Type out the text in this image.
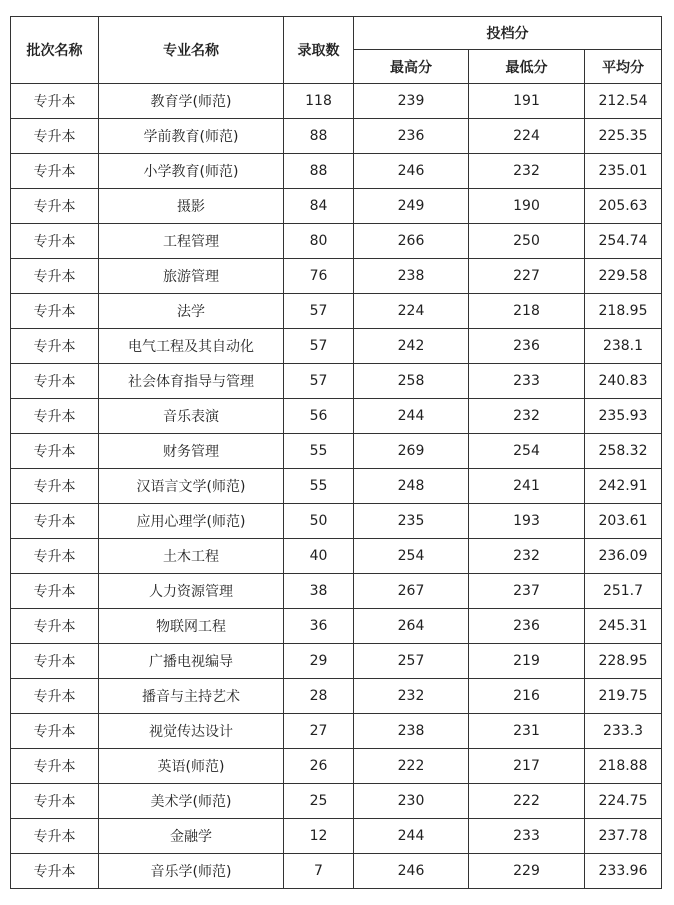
批次名称	专业名称	录取数	投档分		
			最高分	最低分	平均分
专升本	教育学(师范)	118	239	191	212.54
专升本	学前教育(师范)	88	236	224	225.35
专升本	小学教育(师范)	88	246	232	235.01
专升本	摄影	84	249	190	205.63
专升本	工程管理	80	266	250	254.74
专升本	旅游管理	76	238	227	229.58
专升本	法学	57	224	218	218.95
专升本	电气工程及其自动化	57	242	236	238.1
专升本	社会体育指导与管理	57	258	233	240.83
专升本	音乐表演	56	244	232	235.93
专升本	财务管理	55	269	254	258.32
专升本	汉语言文学(师范)	55	248	241	242.91
专升本	应用心理学(师范)	50	235	193	203.61
专升本	土木工程	40	254	232	236.09
专升本	人力资源管理	38	267	237	251.7
专升本	物联网工程	36	264	236	245.31
专升本	广播电视编导	29	257	219	228.95
专升本	播音与主持艺术	28	232	216	219.75
专升本	视觉传达设计	27	238	231	233.3
专升本	英语(师范)	26	222	217	218.88
专升本	美术学(师范)	25	230	222	224.75
专升本	金融学	12	244	233	237.78
专升本	音乐学(师范)	7	246	229	233.96
